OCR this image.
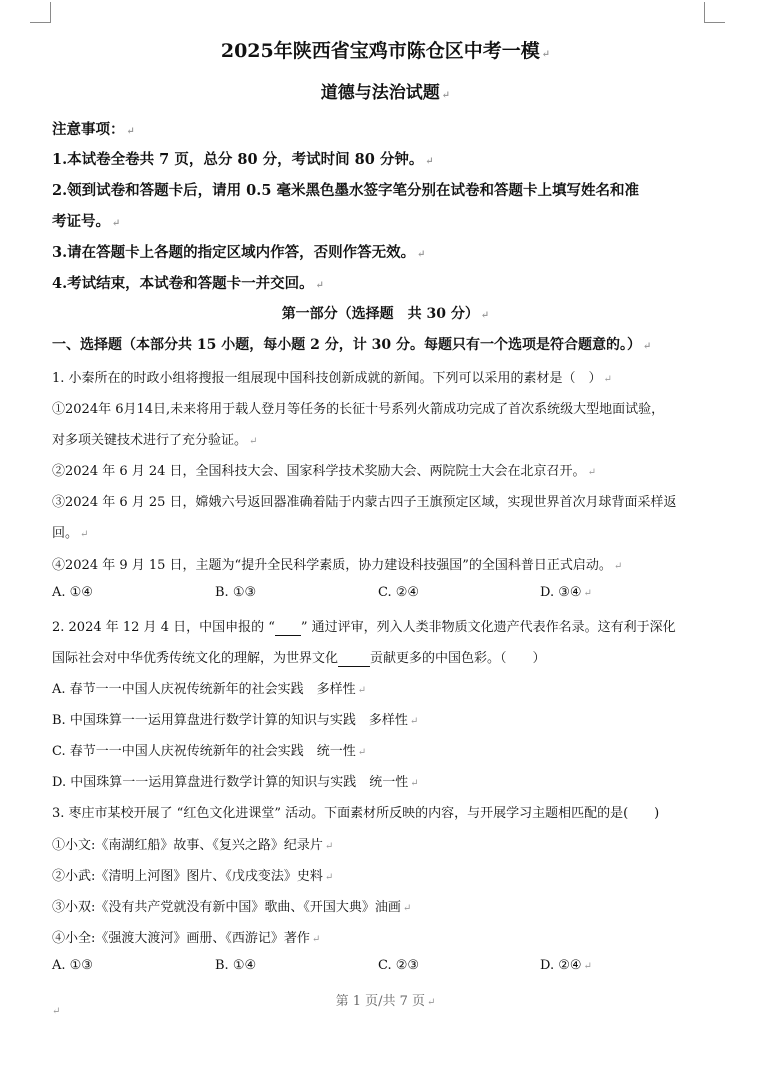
2025年陕西省宝鸡市陈仓区中考一模 ↵
道德与法治试题 ↵
注意事项： ↵
1.本试卷全卷共 7 页，总分 80 分，考试时间 80 分钟。 ↵
2.领到试卷和答题卡后，请用 0.5 毫米黑色墨水签字笔分别在试卷和答题卡上填写姓名和准
考证号。 ↵
3.请在答题卡上各题的指定区域内作答，否则作答无效。 ↵
4.考试结束，本试卷和答题卡一并交回。 ↵
第一部分（选择题　共 30 分） ↵
一、选择题（本部分共 15 小题，每小题 2 分，计 30 分。每题只有一个选项是符合题意的。） ↵
1. 小秦所在的时政小组将搜报一组展现中国科技创新成就的新闻。下列可以采用的素材是（　） ↵
①2024年 6月14日,未来将用于载人登月等任务的长征十号系列火箭成功完成了首次系统级大型地面试验，
对多项关键技术进行了充分验证。 ↵
②2024 年 6 月 24 日，全国科技大会、国家科学技术奖励大会、两院院士大会在北京召开。 ↵
③2024 年 6 月 25 日，嫦娥六号返回器准确着陆于内蒙古四子王旗预定区域，实现世界首次月球背面采样返
回。 ↵
④2024 年 9 月 15 日，主题为“提升全民科学素质，协力建设科技强国”的全国科普日正式启动。 ↵
A. ①④	B. ①③	C. ②④	D. ③④ ↵
2. 2024 年 12 月 4 日，中国申报的 “ ” 通过评审，列入人类非物质文化遗产代表作名录。这有利于深化
国际社会对中华优秀传统文化的理解，为世界文化 贡献更多的中国色彩。（　　）
A. 春节一一中国人庆祝传统新年的社会实践　多样性 ↵
B. 中国珠算一一运用算盘进行数学计算的知识与实践　多样性 ↵
C. 春节一一中国人庆祝传统新年的社会实践　统一性 ↵
D. 中国珠算一一运用算盘进行数学计算的知识与实践　统一性 ↵
3. 枣庄市某校开展了 “红色文化进课堂” 活动。下面素材所反映的内容，与开展学习主题相匹配的是(　　)
①小文:《南湖红船》故事、《复兴之路》纪录片 ↵
②小武:《清明上河图》图片、《戊戌变法》史料 ↵
③小双:《没有共产党就没有新中国》歌曲、《开国大典》油画 ↵
④小全:《强渡大渡河》画册、《西游记》著作 ↵
A. ①③	B. ①④	C. ②③	D. ②④ ↵
第 1 页/共 7 页 ↵
↵
